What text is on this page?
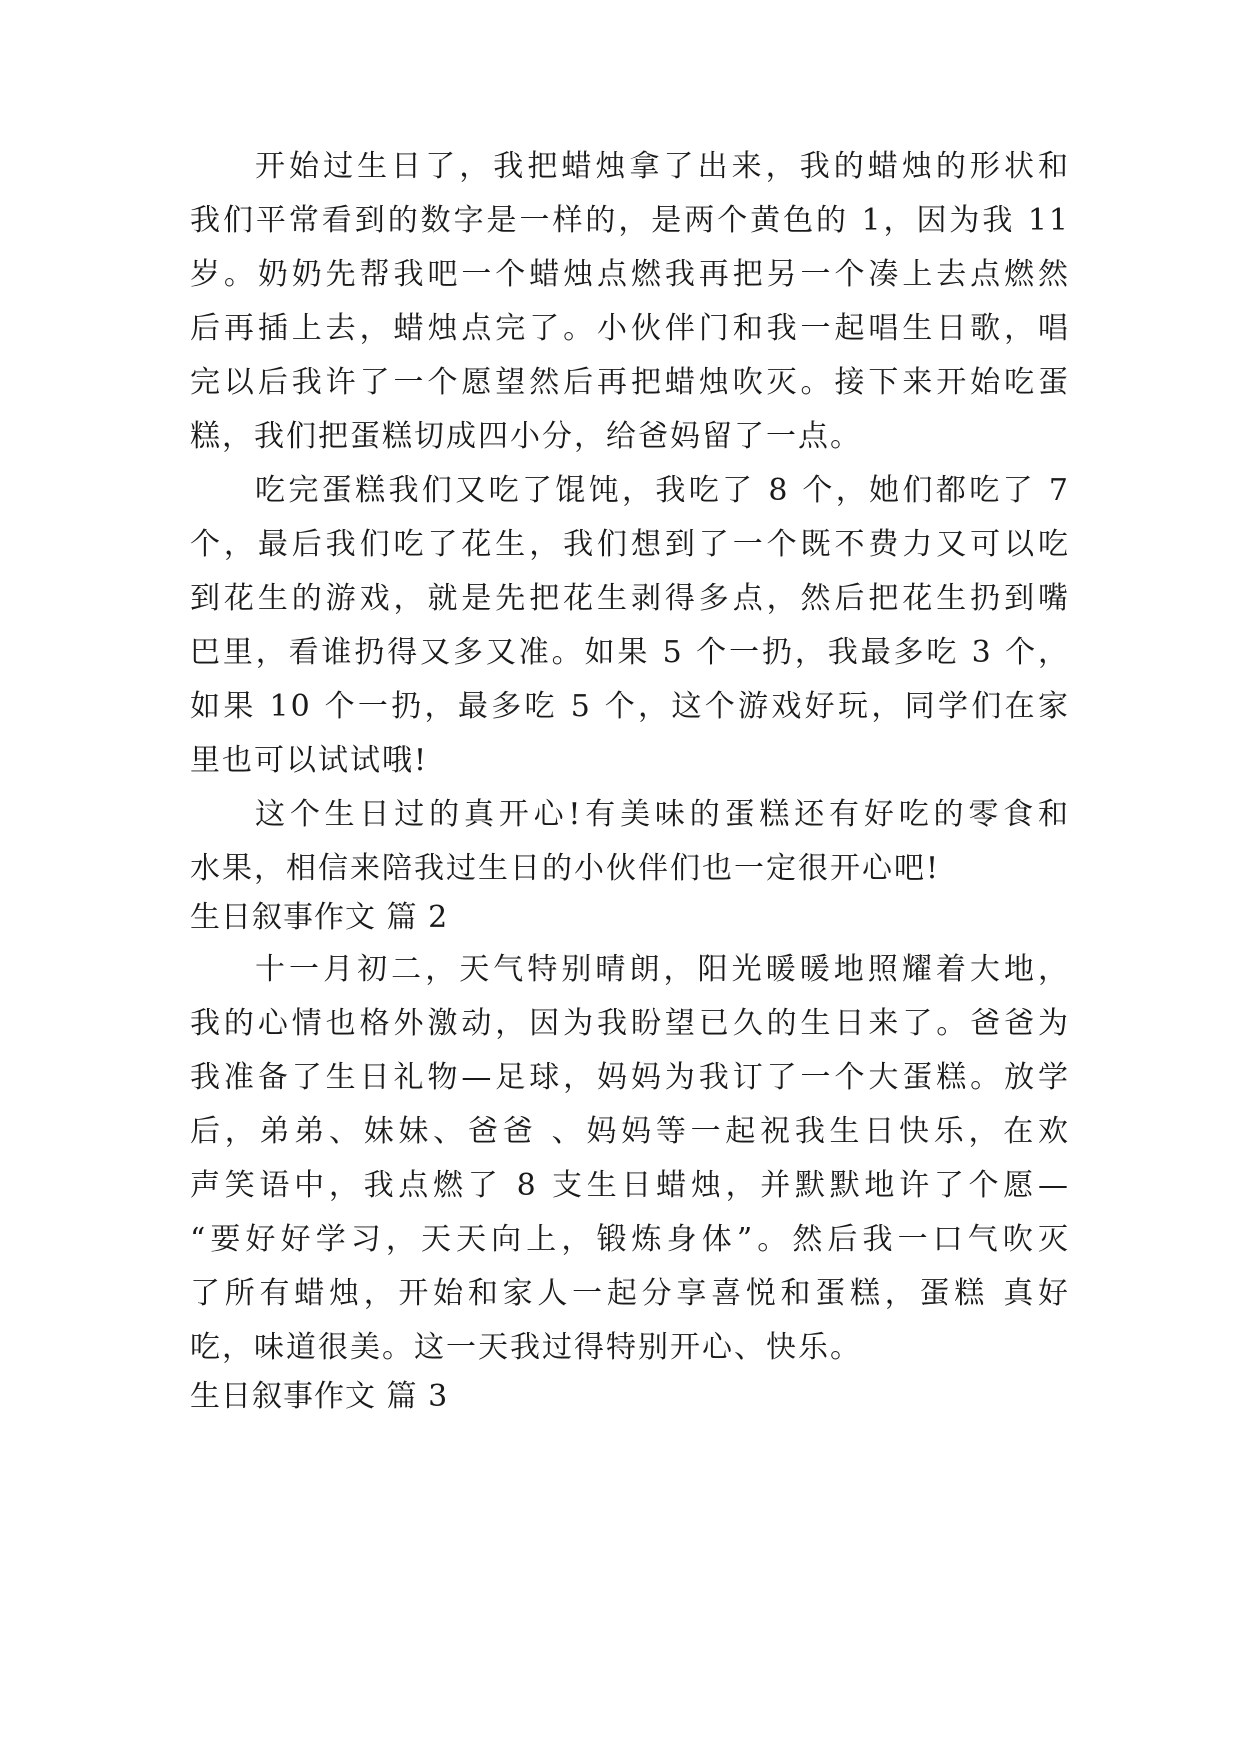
开始过生日了，我把蜡烛拿了出来，我的蜡烛的形状和
我们平常看到的数字是一样的，是两个黄色的 1，因为我 11
岁。奶奶先帮我吧一个蜡烛点燃我再把另一个凑上去点燃然
后再插上去，蜡烛点完了。小伙伴门和我一起唱生日歌，唱
完以后我许了一个愿望然后再把蜡烛吹灭。接下来开始吃蛋
糕，我们把蛋糕切成四小分，给爸妈留了一点。
吃完蛋糕我们又吃了馄饨，我吃了 8 个，她们都吃了 7
个，最后我们吃了花生，我们想到了一个既不费力又可以吃
到花生的游戏，就是先把花生剥得多点，然后把花生扔到嘴
巴里，看谁扔得又多又准。如果 5 个一扔，我最多吃 3 个，
如果 10 个一扔，最多吃 5 个，这个游戏好玩，同学们在家
里也可以试试哦!
这个生日过的真开心!有美味的蛋糕还有好吃的零食和
水果，相信来陪我过生日的小伙伴们也一定很开心吧!
生日叙事作文 篇 2
十一月初二，天气特别晴朗，阳光暖暖地照耀着大地，
我的心情也格外激动，因为我盼望已久的生日来了。爸爸为
我准备了生日礼物—足球，妈妈为我订了一个大蛋糕。放学
后，弟弟、妹妹、爸爸 、妈妈等一起祝我生日快乐，在欢
声笑语中，我点燃了 8 支生日蜡烛，并默默地许了个愿—
“要好好学习，天天向上，锻炼身体”。然后我一口气吹灭
了所有蜡烛，开始和家人一起分享喜悦和蛋糕，蛋糕 真好
吃，味道很美。这一天我过得特别开心、快乐。
生日叙事作文 篇 3
